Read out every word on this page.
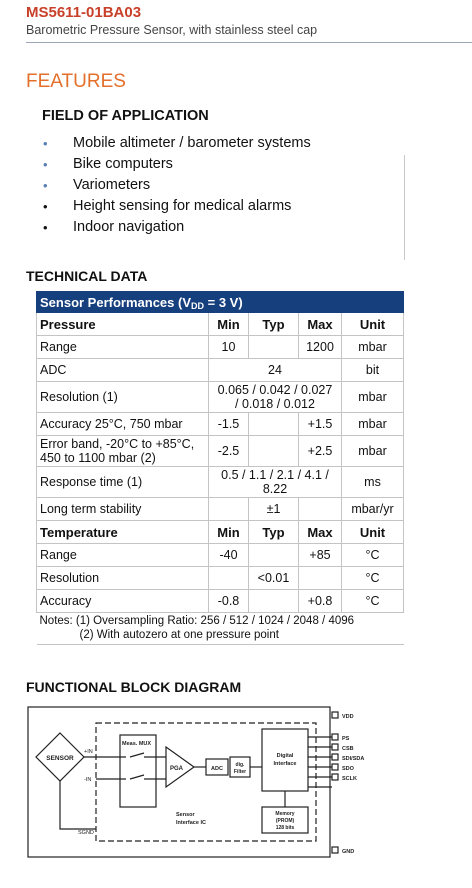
MS5611-01BA03
Barometric Pressure Sensor, with stainless steel cap
FEATURES
FIELD OF APPLICATION
• Mobile altimeter / barometer systems
• Bike computers
• Variometers
• Height sensing for medical alarms
• Indoor navigation
TECHNICAL DATA
Sensor Performances (VDD = 3 V)				
Pressure	Min	Typ	Max	Unit
Range	10		1200	mbar
ADC	24			bit
Resolution (1)	0.065 / 0.042 / 0.027
/ 0.018 / 0.012			mbar
Accuracy 25°C, 750 mbar	-1.5		+1.5	mbar
Error band, -20°C to +85°C,
450 to 1100 mbar (2)	-2.5		+2.5	mbar
Response time (1)	0.5 / 1.1 / 2.1 / 4.1 /
8.22			ms
Long term stability		±1		mbar/yr
Temperature	Min	Typ	Max	Unit
Range	-40		+85	°C
Resolution		<0.01		°C
Accuracy	-0.8		+0.8	°C
Notes: (1) Oversampling Ratio: 256 / 512 / 1024 / 2048 / 4096
(2) With autozero at one pressure point				
FUNCTIONAL BLOCK DIAGRAM
SENSOR
+IN
-IN
SGND
Meas. MUX
PGA	ADC
dig.
Filter
Digital
Interface
Memory
(PROM)
128 bits
Sensor
Interface IC
VDD
PS
CSB
SDI/SDA
SDO
SCLK
GND
